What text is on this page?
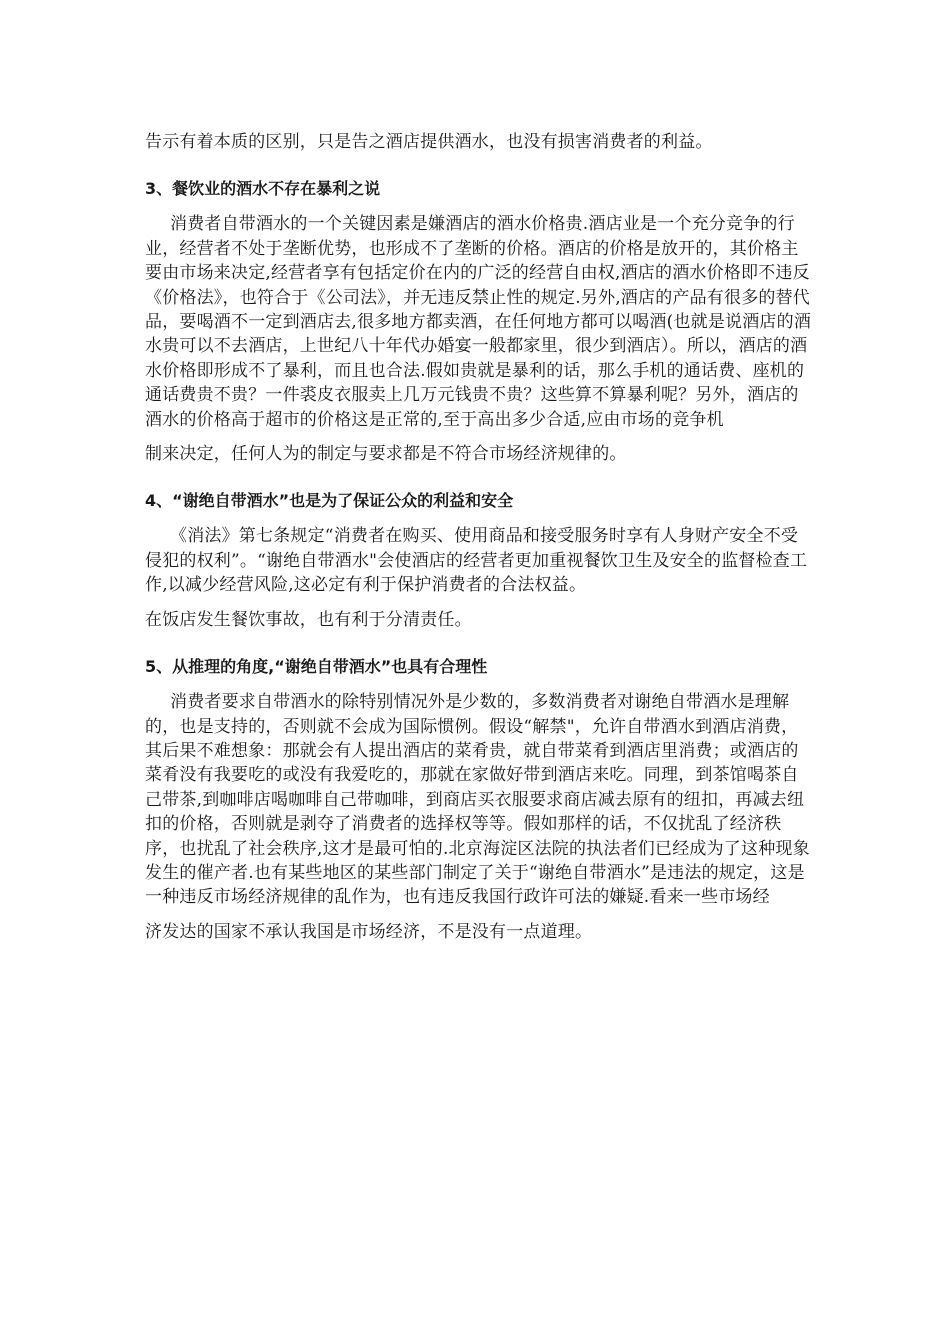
告示有着本质的区别，只是告之酒店提供酒水，也没有损害消费者的利益。

3、餐饮业的酒水不存在暴利之说

消费者自带酒水的一个关键因素是嫌酒店的酒水价格贵.酒店业是一个充分竞争的行业，经营者不处于垄断优势，也形成不了垄断的价格。酒店的价格是放开的，其价格主要由市场来决定,经营者享有包括定价在内的广泛的经营自由权,酒店的酒水价格即不违反《价格法》，也符合于《公司法》，并无违反禁止性的规定.另外,酒店的产品有很多的替代品，要喝酒不一定到酒店去,很多地方都卖酒，在任何地方都可以喝酒(也就是说酒店的酒水贵可以不去酒店，上世纪八十年代办婚宴一般都家里，很少到酒店）。所以，酒店的酒水价格即形成不了暴利，而且也合法.假如贵就是暴利的话，那么手机的通话费、座机的通话费贵不贵？一件裘皮衣服卖上几万元钱贵不贵？这些算不算暴利呢？另外，酒店的酒水的价格高于超市的价格这是正常的,至于高出多少合适,应由市场的竞争机

制来决定，任何人为的制定与要求都是不符合市场经济规律的。

4、“谢绝自带酒水”也是为了保证公众的利益和安全

《消法》第七条规定“消费者在购买、使用商品和接受服务时享有人身财产安全不受侵犯的权利”。“谢绝自带酒水"会使酒店的经营者更加重视餐饮卫生及安全的监督检查工作,以减少经营风险,这必定有利于保护消费者的合法权益。

在饭店发生餐饮事故，也有利于分清责任。

5、从推理的角度,“谢绝自带酒水”也具有合理性

消费者要求自带酒水的除特别情况外是少数的，多数消费者对谢绝自带酒水是理解的，也是支持的，否则就不会成为国际惯例。假设“解禁"，允许自带酒水到酒店消费，其后果不难想象：那就会有人提出酒店的菜肴贵，就自带菜肴到酒店里消费；或酒店的菜肴没有我要吃的或没有我爱吃的，那就在家做好带到酒店来吃。同理，到茶馆喝茶自己带茶,到咖啡店喝咖啡自己带咖啡，到商店买衣服要求商店减去原有的纽扣，再减去纽扣的价格，否则就是剥夺了消费者的选择权等等。假如那样的话，不仅扰乱了经济秩序，也扰乱了社会秩序,这才是最可怕的.北京海淀区法院的执法者们已经成为了这种现象发生的催产者.也有某些地区的某些部门制定了关于“谢绝自带酒水”是违法的规定，这是一种违反市场经济规律的乱作为，也有违反我国行政许可法的嫌疑.看来一些市场经

济发达的国家不承认我国是市场经济，不是没有一点道理。
